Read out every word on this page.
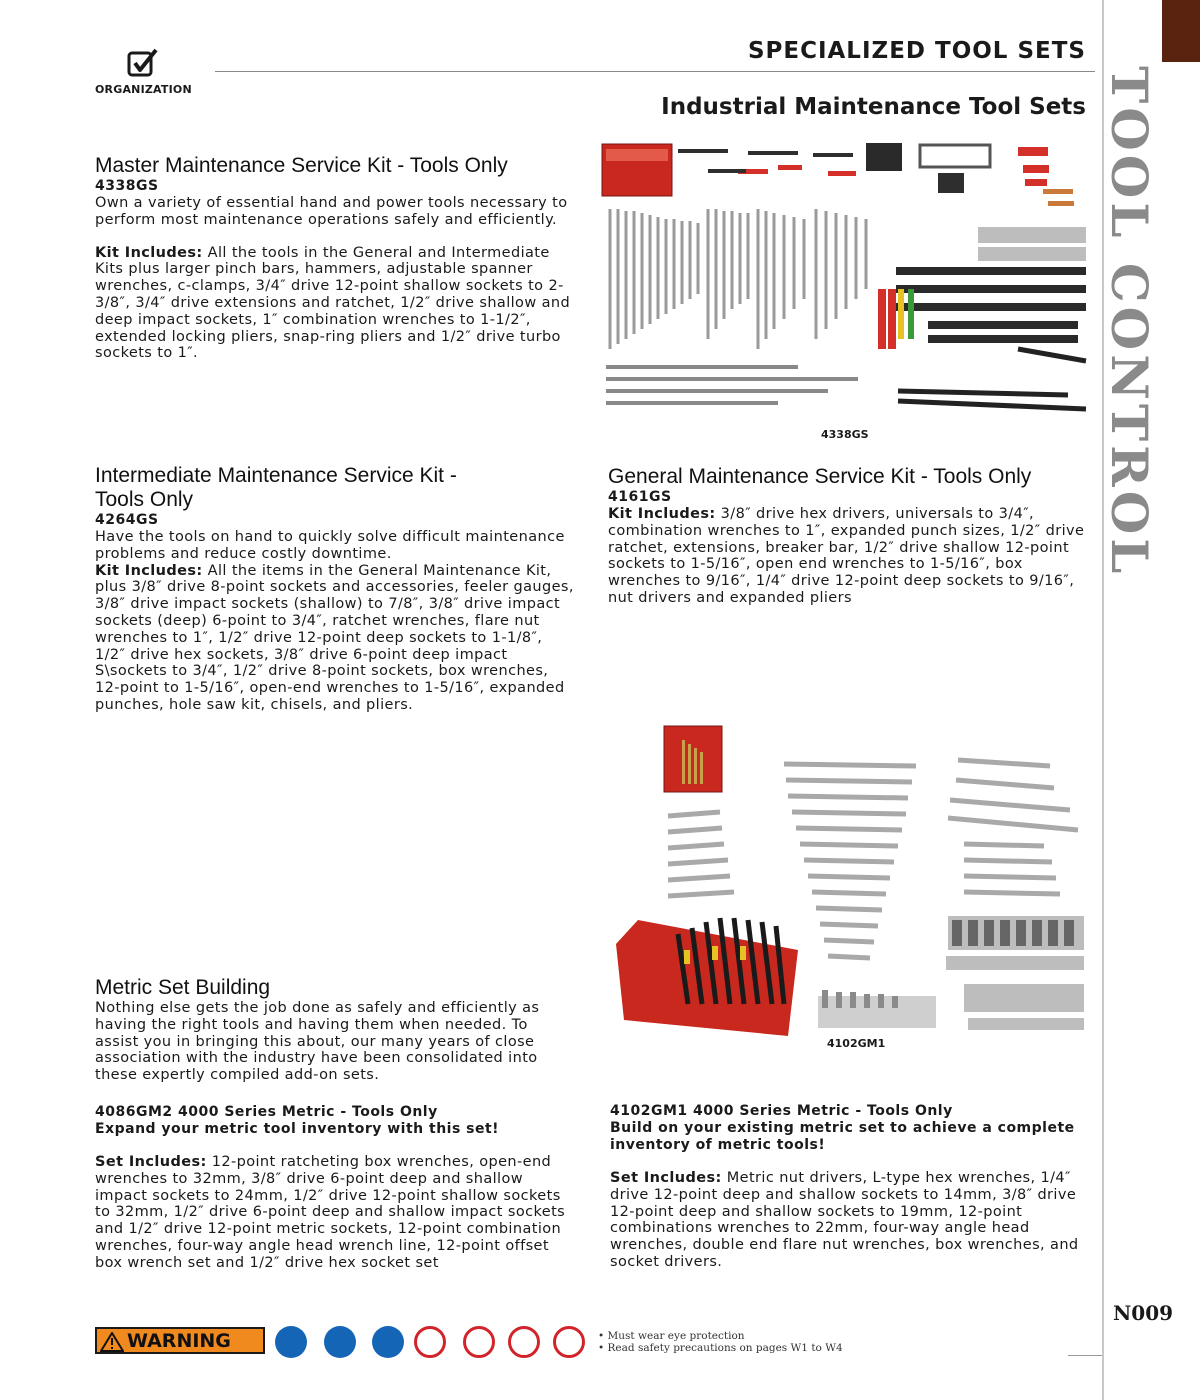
TOOL CONTROL
N009
ORGANIZATION
SPECIALIZED TOOL SETS
Industrial Maintenance Tool Sets
Master Maintenance Service Kit - Tools Only
4338GS
Own a variety of essential hand and power tools necessary to perform most maintenance operations safely and efficiently.
Kit Includes: All the tools in the General and Intermediate Kits plus larger pinch bars, hammers, adjustable spanner wrenches, c-clamps, 3/4″ drive 12-point shallow sockets to 2-3/8″, 3/4″ drive extensions and ratchet, 1/2″ drive shallow and deep impact sockets, 1″ combination wrenches to 1-1/2″, extended locking pliers, snap-ring pliers and 1/2″ drive turbo sockets to 1″.
4338GS
Intermediate Maintenance Service Kit -
Tools Only
4264GS
Have the tools on hand to quickly solve difficult maintenance problems and reduce costly downtime.
Kit Includes: All the items in the General Maintenance Kit, plus 3/8″ drive 8-point sockets and accessories, feeler gauges, 3/8″ drive impact sockets (shallow) to 7/8″, 3/8″ drive impact sockets (deep) 6-point to 3/4″, ratchet wrenches, flare nut wrenches to 1″, 1/2″ drive 12-point deep sockets to 1-1/8″, 1/2″ drive hex sockets, 3/8″ drive 6-point deep impact S\sockets to 3/4″, 1/2″ drive 8-point sockets, box wrenches, 12-point to 1-5/16″, open-end wrenches to 1-5/16″, expanded punches, hole saw kit, chisels, and pliers.
General Maintenance Service Kit - Tools Only
4161GS
Kit Includes: 3/8″ drive hex drivers, universals to 3/4″, combination wrenches to 1″, expanded punch sizes, 1/2″ drive ratchet, extensions, breaker bar, 1/2″ drive shallow 12-point sockets to 1-5/16″, open end wrenches to 1-5/16″, box wrenches to 9/16″, 1/4″ drive 12-point deep sockets to 9/16″, nut drivers and expanded pliers
4102GM1
Metric Set Building
Nothing else gets the job done as safely and efficiently as having the right tools and having them when needed. To assist you in bringing this about, our many years of close association with the industry have been consolidated into these expertly compiled add-on sets.
4086GM2 4000 Series Metric - Tools Only
Expand your metric tool inventory with this set!
Set Includes: 12-point ratcheting box wrenches, open-end wrenches to 32mm, 3/8″ drive 6-point deep and shallow impact sockets to 24mm, 1/2″ drive 12-point shallow sockets to 32mm, 1/2″ drive 6-point deep and shallow impact sockets and 1/2″ drive 12-point metric sockets, 12-point combination wrenches, four-way angle head wrench line, 12-point offset box wrench set and 1/2″ drive hex socket set
4102GM1 4000 Series Metric - Tools Only
Build on your existing metric set to achieve a complete inventory of metric tools!
Set Includes: Metric nut drivers, L-type hex wrenches, 1/4″ drive 12-point deep and shallow sockets to 14mm, 3/8″ drive 12-point deep and shallow sockets to 19mm, 12-point combinations wrenches to 22mm, four-way angle head wrenches, double end flare nut wrenches, box wrenches, and socket drivers.
WARNING	• Must wear eye protection
• Read safety precautions on pages W1 to W4
